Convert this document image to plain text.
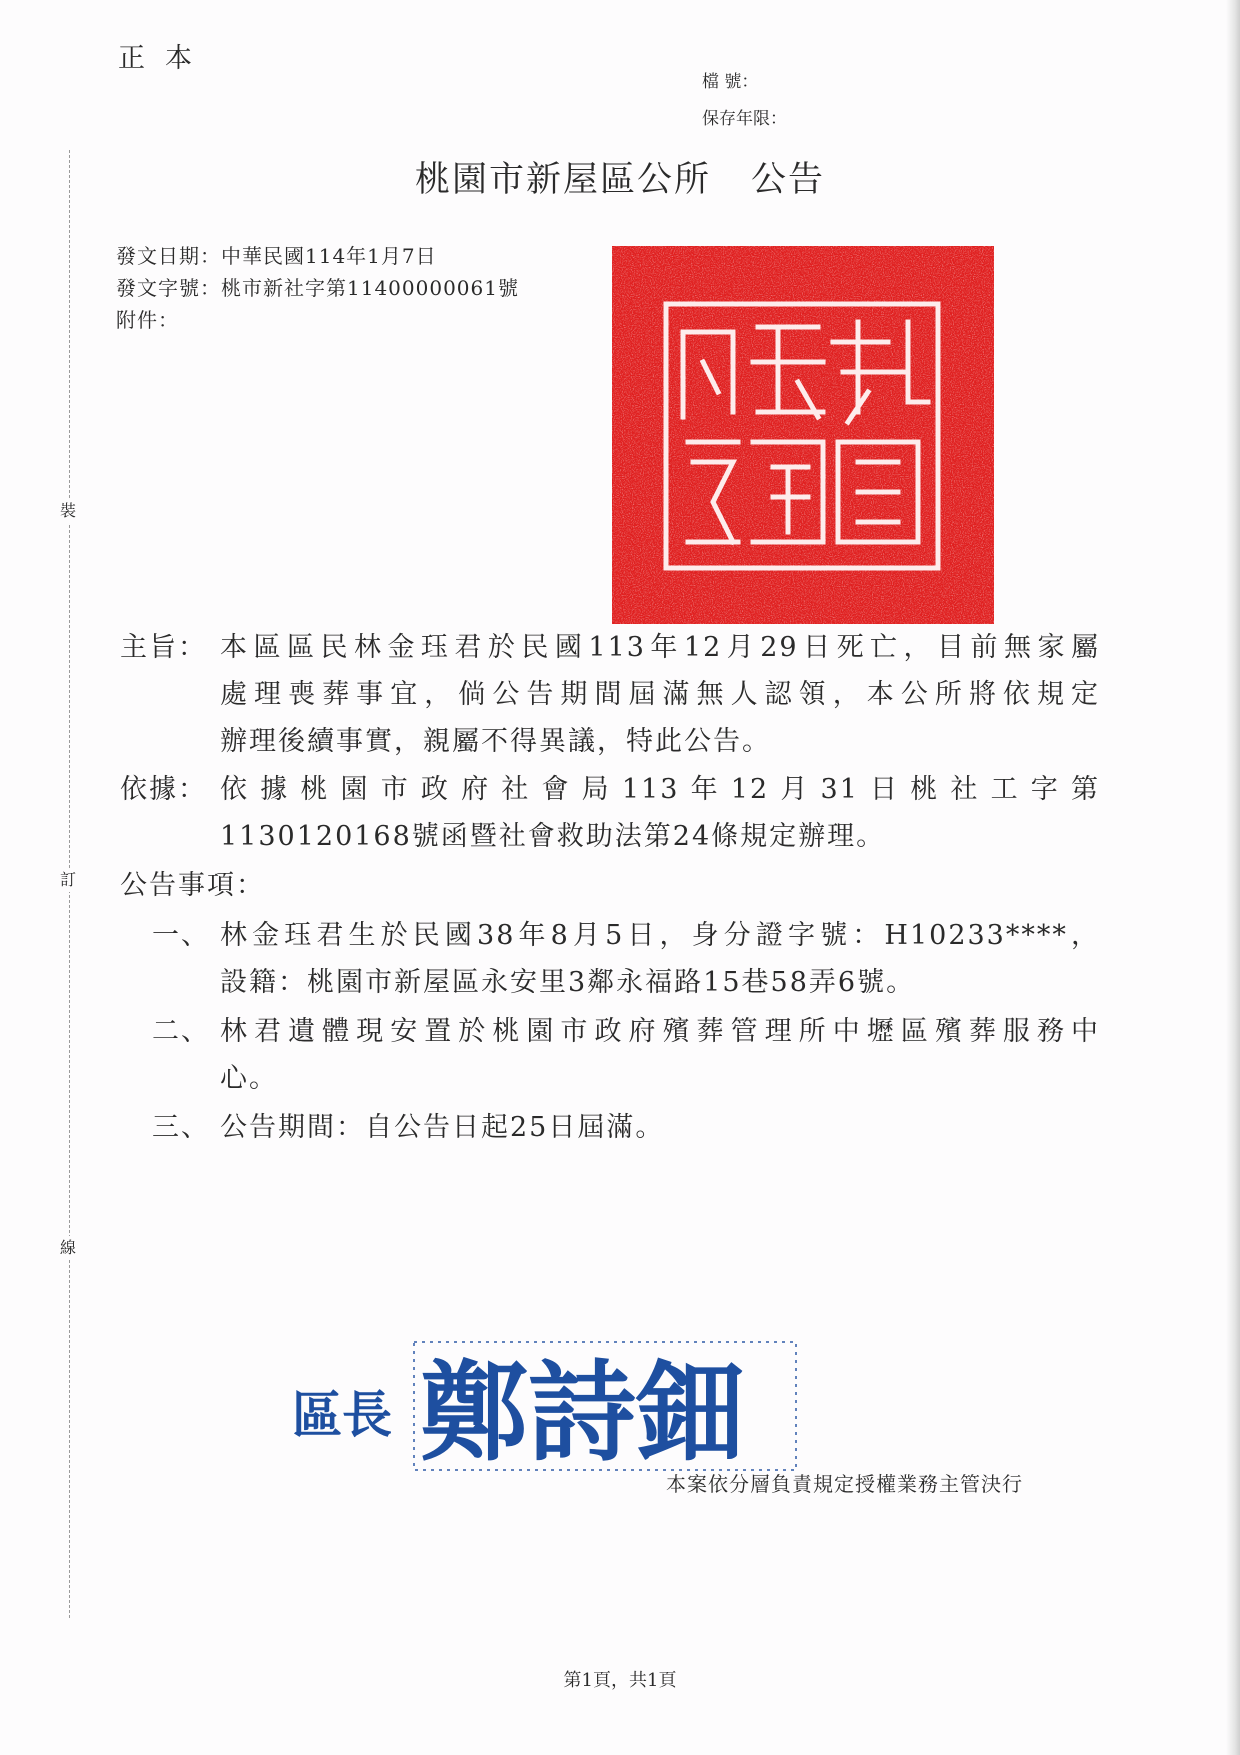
正本
檔 號：
保存年限：
裝
訂
線
桃園市新屋區公所 公告
發文日期：中華民國114年1月7日
發文字號：桃市新社字第11400000061號
附件：
主旨： 本區區民林金珏君於民國113年12月29日死亡，目前無家屬
處理喪葬事宜，倘公告期間屆滿無人認領，本公所將依規定
辦理後續事實，親屬不得異議，特此公告。
依據： 依據桃園市政府社會局113年12月31日桃社工字第
1130120168號函暨社會救助法第24條規定辦理。
公告事項：
一、 林金珏君生於民國38年8月5日，身分證字號：H10233****，
設籍：桃園市新屋區永安里3鄰永福路15巷58弄6號。
二、 林君遺體現安置於桃園市政府殯葬管理所中壢區殯葬服務中
心。
三、 公告期間：自公告日起25日屆滿。
區長 鄭詩鈿
本案依分層負責規定授權業務主管決行
第1頁，共1頁
